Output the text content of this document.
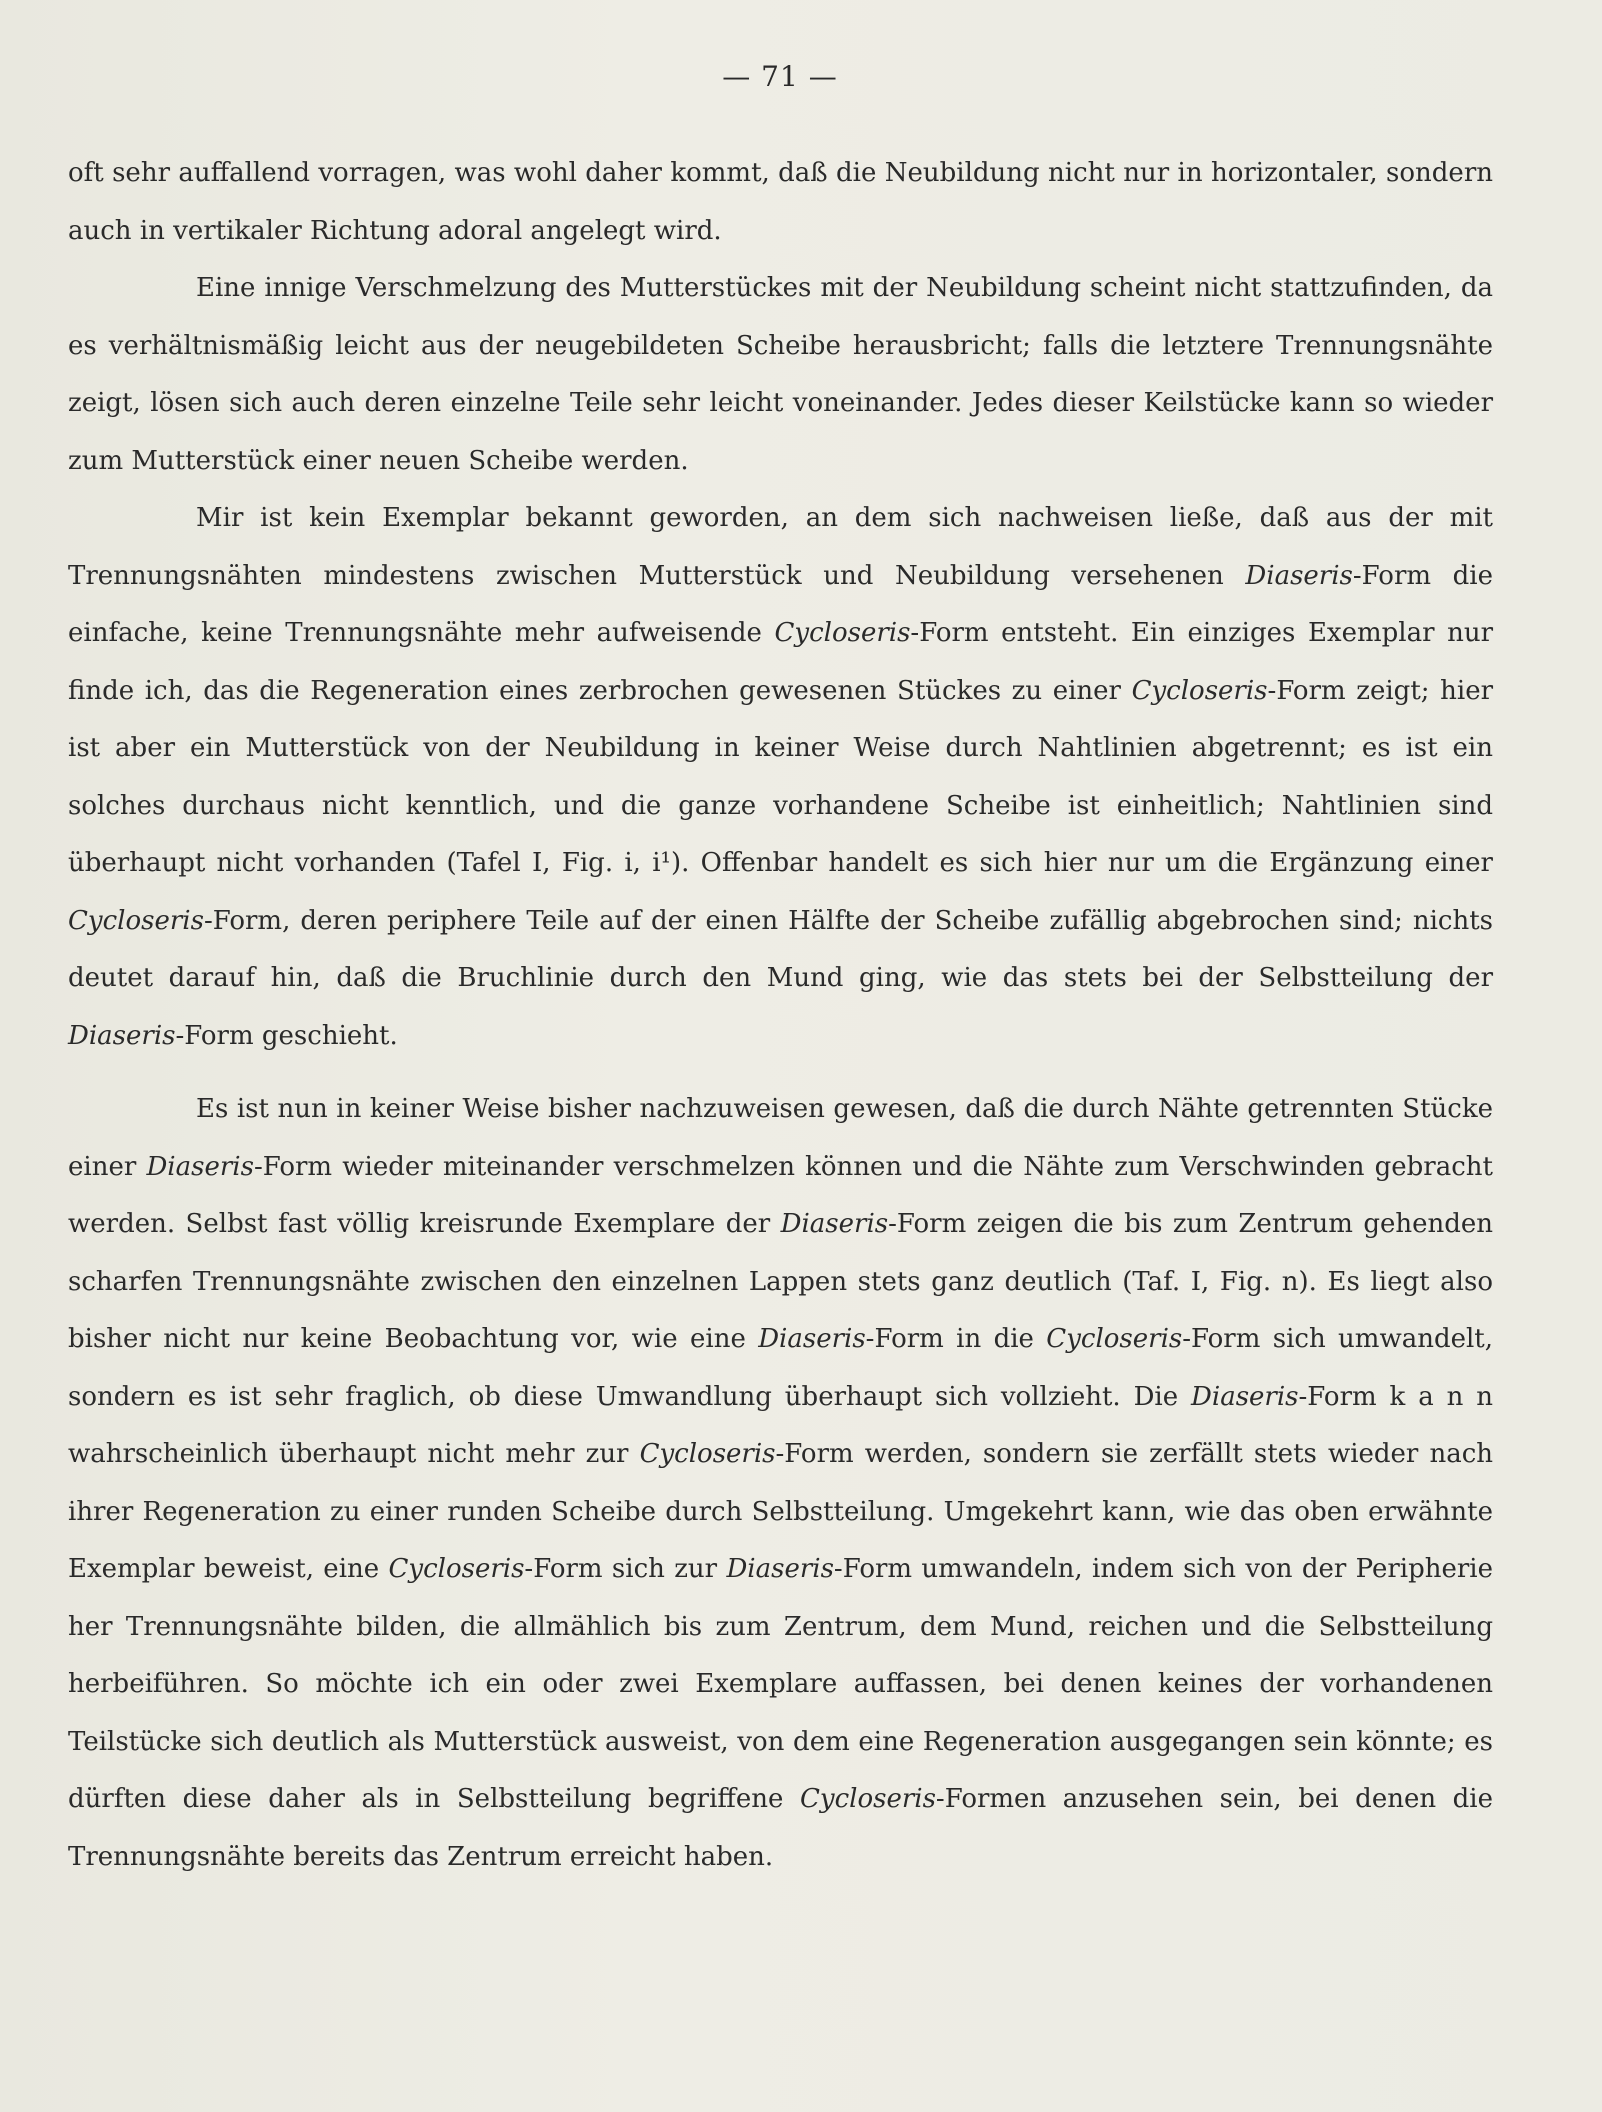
— 71 —

oft sehr auffallend vorragen, was wohl daher kommt, daß die Neubildung nicht nur in horizontaler, sondern auch in vertikaler Richtung adoral angelegt wird.

Eine innige Verschmelzung des Mutterstückes mit der Neubildung scheint nicht stattzufinden, da es verhältnismäßig leicht aus der neugebildeten Scheibe herausbricht; falls die letztere Trennungsnähte zeigt, lösen sich auch deren einzelne Teile sehr leicht voneinander. Jedes dieser Keilstücke kann so wieder zum Mutterstück einer neuen Scheibe werden.

Mir ist kein Exemplar bekannt geworden, an dem sich nachweisen ließe, daß aus der mit Trennungsnähten mindestens zwischen Mutterstück und Neubildung versehenen Diaseris-Form die einfache, keine Trennungsnähte mehr aufweisende Cycloseris-Form entsteht. Ein einziges Exemplar nur finde ich, das die Regeneration eines zerbrochen gewesenen Stückes zu einer Cycloseris-Form zeigt; hier ist aber ein Mutterstück von der Neubildung in keiner Weise durch Nahtlinien abgetrennt; es ist ein solches durchaus nicht kenntlich, und die ganze vorhandene Scheibe ist einheitlich; Nahtlinien sind überhaupt nicht vorhanden (Tafel I, Fig. i, i¹). Offenbar handelt es sich hier nur um die Ergänzung einer Cycloseris-Form, deren periphere Teile auf der einen Hälfte der Scheibe zufällig abgebrochen sind; nichts deutet darauf hin, daß die Bruchlinie durch den Mund ging, wie das stets bei der Selbstteilung der Diaseris-Form geschieht.

Es ist nun in keiner Weise bisher nachzuweisen gewesen, daß die durch Nähte getrennten Stücke einer Diaseris-Form wieder miteinander verschmelzen können und die Nähte zum Verschwinden gebracht werden. Selbst fast völlig kreisrunde Exemplare der Diaseris-Form zeigen die bis zum Zentrum gehenden scharfen Trennungsnähte zwischen den einzelnen Lappen stets ganz deutlich (Taf. I, Fig. n). Es liegt also bisher nicht nur keine Beobachtung vor, wie eine Diaseris-Form in die Cycloseris-Form sich umwandelt, sondern es ist sehr fraglich, ob diese Umwandlung überhaupt sich vollzieht. Die Diaseris-Form k a n n wahrscheinlich überhaupt nicht mehr zur Cycloseris-Form werden, sondern sie zerfällt stets wieder nach ihrer Regeneration zu einer runden Scheibe durch Selbstteilung. Umgekehrt kann, wie das oben erwähnte Exemplar beweist, eine Cycloseris-Form sich zur Diaseris-Form umwandeln, indem sich von der Peripherie her Trennungsnähte bilden, die allmählich bis zum Zentrum, dem Mund, reichen und die Selbstteilung herbeiführen. So möchte ich ein oder zwei Exemplare auffassen, bei denen keines der vorhandenen Teilstücke sich deutlich als Mutterstück ausweist, von dem eine Regeneration ausgegangen sein könnte; es dürften diese daher als in Selbstteilung begriffene Cycloseris-Formen anzusehen sein, bei denen die Trennungsnähte bereits das Zentrum erreicht haben.
